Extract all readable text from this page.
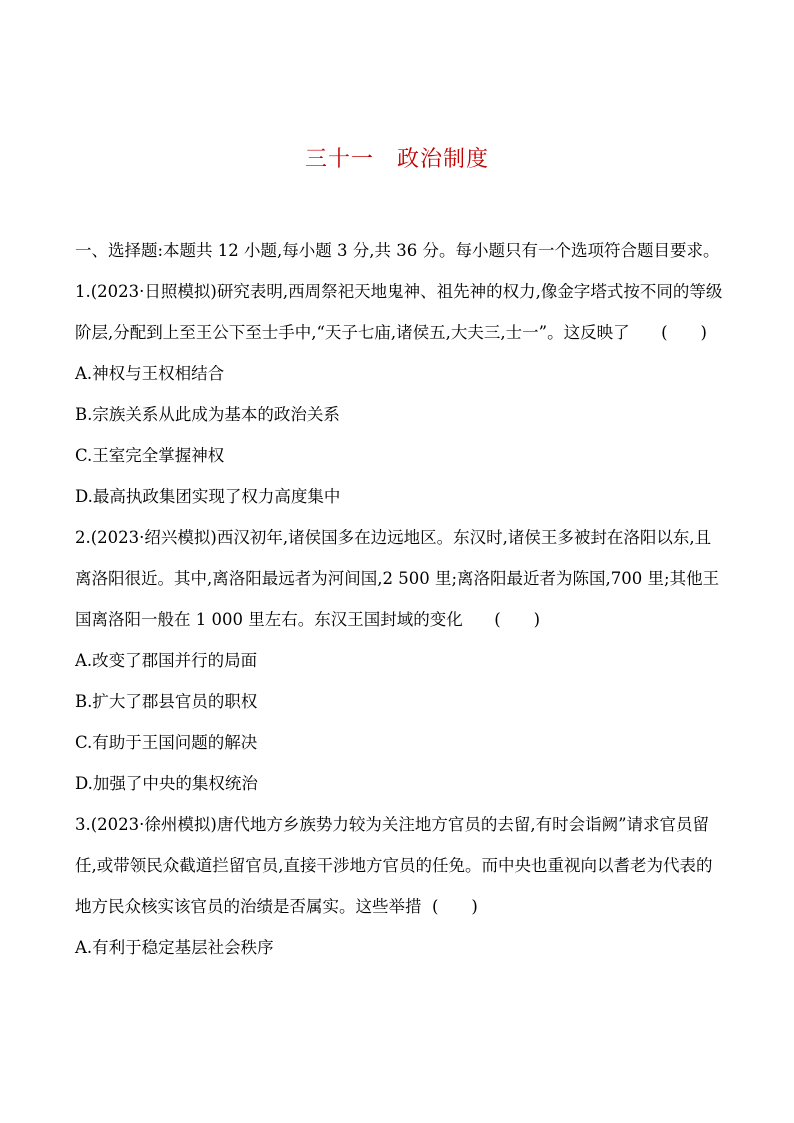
三十一　政治制度

一、选择题:本题共 12 小题,每小题 3 分,共 36 分。每小题只有一个选项符合题目要求。

1.(2023·日照模拟)研究表明,西周祭祀天地鬼神、祖先神的权力,像金字塔式按不同的等级阶层,分配到上至王公下至士手中,“天子七庙,诸侯五,大夫三,士一”。这反映了 (　　)

A.神权与王权相结合

B.宗族关系从此成为基本的政治关系

C.王室完全掌握神权

D.最高执政集团实现了权力高度集中

2.(2023·绍兴模拟)西汉初年,诸侯国多在边远地区。东汉时,诸侯王多被封在洛阳以东,且离洛阳很近。其中,离洛阳最远者为河间国,2 500 里;离洛阳最近者为陈国,700 里;其他王国离洛阳一般在 1 000 里左右。东汉王国封域的变化 (　　)

A.改变了郡国并行的局面

B.扩大了郡县官员的职权

C.有助于王国问题的解决

D.加强了中央的集权统治

3.(2023·徐州模拟)唐代地方乡族势力较为关注地方官员的去留,有时会诣阙”请求官员留任,或带领民众截道拦留官员,直接干涉地方官员的任免。而中央也重视向以耆老为代表的地方民众核实该官员的治绩是否属实。这些举措 (　　)

A.有利于稳定基层社会秩序
